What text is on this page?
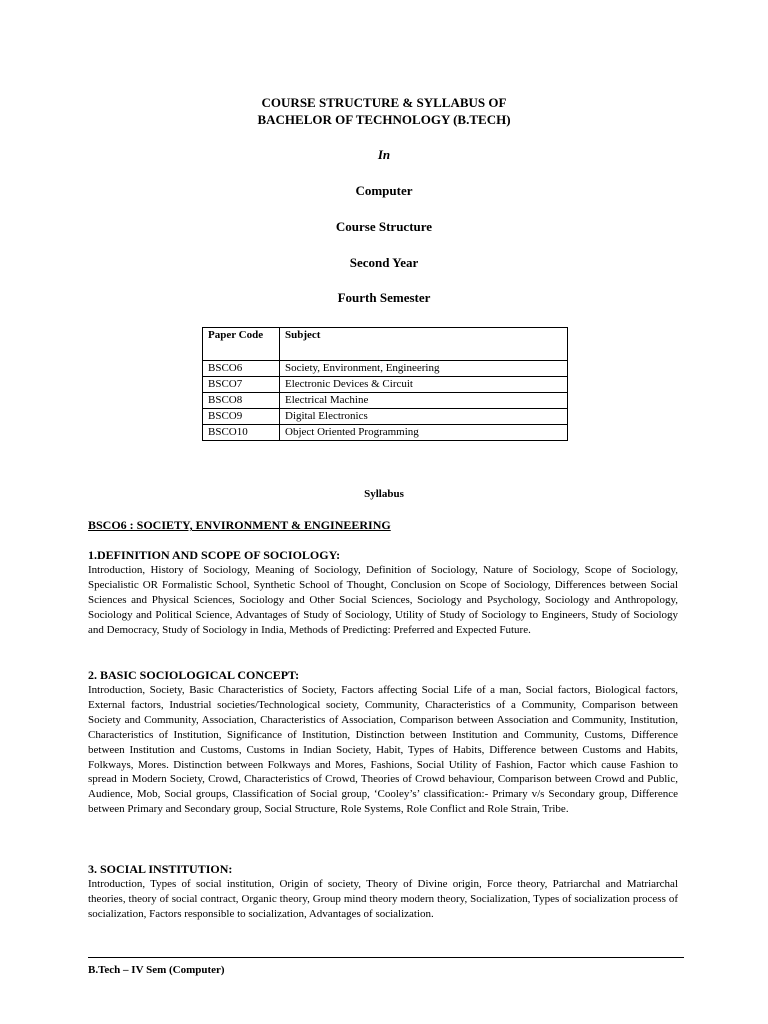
COURSE STRUCTURE & SYLLABUS OF
BACHELOR OF TECHNOLOGY (B.TECH)
In
Computer
Course Structure
Second Year
Fourth Semester
Paper Code	Subject
BSCO6	Society, Environment, Engineering
BSCO7	Electronic Devices & Circuit
BSCO8	Electrical Machine
BSCO9	Digital Electronics
BSCO10	Object Oriented Programming
Syllabus
BSCO6 : SOCIETY, ENVIRONMENT & ENGINEERING
1.DEFINITION AND SCOPE OF SOCIOLOGY:

Introduction, History of Sociology, Meaning of Sociology, Definition of Sociology, Nature of Sociology, Scope of Sociology, Specialistic OR Formalistic School, Synthetic School of Thought, Conclusion on Scope of Sociology, Differences between Social Sciences and Physical Sciences, Sociology and Other Social Sciences, Sociology and Psychology, Sociology and Anthropology, Sociology and Political Science, Advantages of Study of Sociology, Utility of Study of Sociology to Engineers, Study of Sociology and Democracy, Study of Sociology in India, Methods of Predicting: Preferred and Expected Future.

2. BASIC SOCIOLOGICAL CONCEPT:

Introduction, Society, Basic Characteristics of Society, Factors affecting Social Life of a man, Social factors, Biological factors, External factors, Industrial societies/Technological society, Community, Characteristics of a Community, Comparison between Society and Community, Association, Characteristics of Association, Comparison between Association and Community, Institution, Characteristics of Institution, Significance of Institution, Distinction between Institution and Community, Customs, Difference between Institution and Customs, Customs in Indian Society, Habit, Types of Habits, Difference between Customs and Habits, Folkways, Mores. Distinction between Folkways and Mores, Fashions, Social Utility of Fashion, Factor which cause Fashion to spread in Modern Society, Crowd, Characteristics of Crowd, Theories of Crowd behaviour, Comparison between Crowd and Public, Audience, Mob, Social groups, Classification of Social group, ‘Cooley’s’ classification:- Primary v/s Secondary group, Difference between Primary and Secondary group, Social Structure, Role Systems, Role Conflict and Role Strain, Tribe.

3. SOCIAL INSTITUTION:

Introduction, Types of social institution, Origin of society, Theory of Divine origin, Force theory, Patriarchal and Matriarchal theories, theory of social contract, Organic theory, Group mind theory modern theory, Socialization, Types of socialization process of socialization, Factors responsible to socialization, Advantages of socialization.

B.Tech – IV Sem (Computer)
